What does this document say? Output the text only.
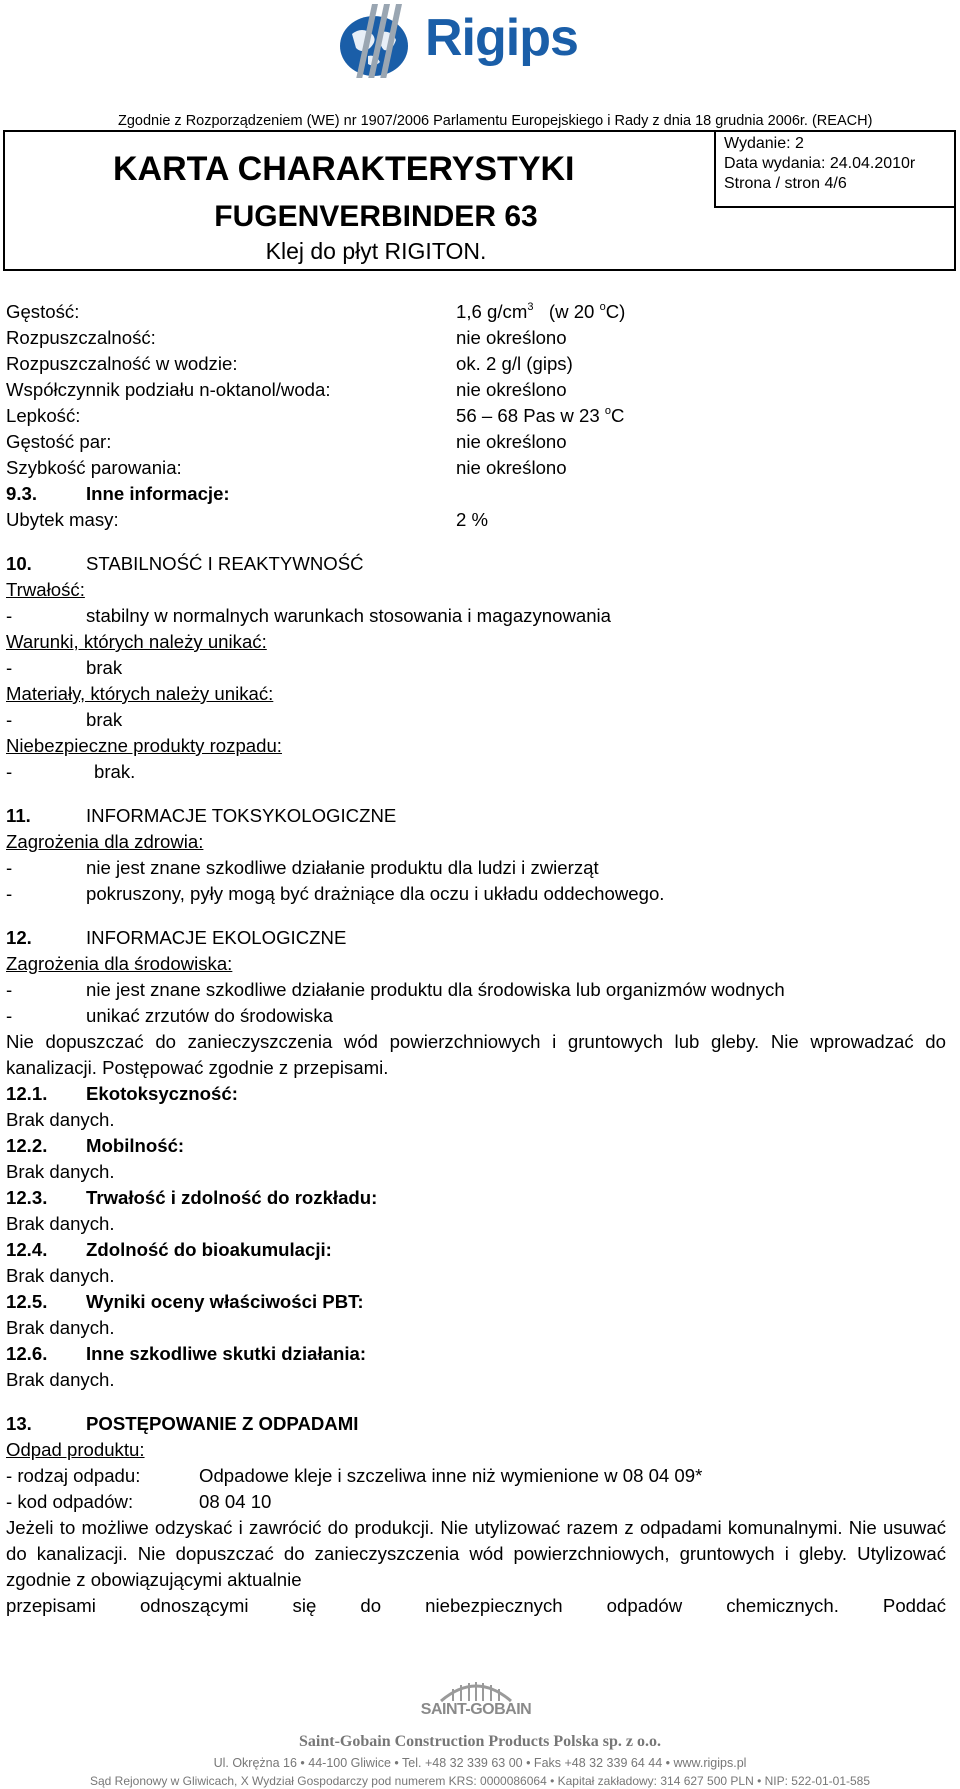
Rigips
Zgodnie z Rozporządzeniem (WE) nr 1907/2006 Parlamentu Europejskiego i Rady z dnia 18 grudnia 2006r. (REACH)
KARTA CHARAKTERYSTYKI
FUGENVERBINDER 63
Klej do płyt RIGITON.
Wydanie: 2
Data wydania: 24.04.2010r
Strona / stron 4/6
Gęstość:	1,6 $g/cm^3$   (w 20 $^o$C)
Rozpuszczalność:	nie określono
Rozpuszczalność w wodzie:	ok. 2 g/l (gips)
Współczynnik podziału n-oktanol/woda:	nie określono
Lepkość:	56 – 68 Pas w 23 $^o$C
Gęstość par:	nie określono
Szybkość parowania:	nie określono
9.3.	Inne informacje:
Ubytek masy:	2 %
10.	STABILNOŚĆ I REAKTYWNOŚĆ
Trwałość:
-	stabilny w normalnych warunkach stosowania i magazynowania
Warunki, których należy unikać:
-	brak
Materiały, których należy unikać:
-	brak
Niebezpieczne produkty rozpadu:
-	brak.
11.	INFORMACJE TOKSYKOLOGICZNE
Zagrożenia dla zdrowia:
-	nie jest znane szkodliwe działanie produktu dla ludzi i zwierząt
-	pokruszony, pyły mogą być drażniące dla oczu i układu oddechowego.
12.	INFORMACJE EKOLOGICZNE
Zagrożenia dla środowiska:
-	nie jest znane szkodliwe działanie produktu dla środowiska lub organizmów wodnych
-	unikać zrzutów do środowiska
Nie dopuszczać do zanieczyszczenia wód powierzchniowych i gruntowych lub gleby. Nie wprowadzać do kanalizacji. Postępować zgodnie z przepisami.
12.1. Ekotoksyczność:
Brak danych.
12.2. Mobilność:
Brak danych.
12.3. Trwałość i zdolność do rozkładu:
Brak danych.
12.4. Zdolność do bioakumulacji:
Brak danych.
12.5. Wyniki oceny właściwości PBT:
Brak danych.
12.6. Inne szkodliwe skutki działania:
Brak danych.
13.	POSTĘPOWANIE Z ODPADAMI
Odpad produktu:
- rodzaj odpadu:	Odpadowe kleje i szczeliwa inne niż wymienione w 08 04 09*
- kod odpadów:	08 04 10
Jeżeli to możliwe odzyskać i zawrócić do produkcji. Nie utylizować razem z odpadami komunalnymi. Nie usuwać do kanalizacji. Nie dopuszczać do zanieczyszczenia wód powierzchniowych, gruntowych i gleby. Utylizować zgodnie z obowiązującymi aktualnie
przepisami odnoszącymi się do niebezpiecznych odpadów chemicznych. Poddać
SAINT-GOBAIN
Saint-Gobain Construction Products Polska sp. z o.o.
Ul. Okrężna 16 • 44-100 Gliwice • Tel. +48 32 339 63 00 • Faks +48 32 339 64 44 • www.rigips.pl
Sąd Rejonowy w Gliwicach, X Wydział Gospodarczy pod numerem KRS: 0000086064 • Kapitał zakładowy: 314 627 500 PLN • NIP: 522-01-01-585
